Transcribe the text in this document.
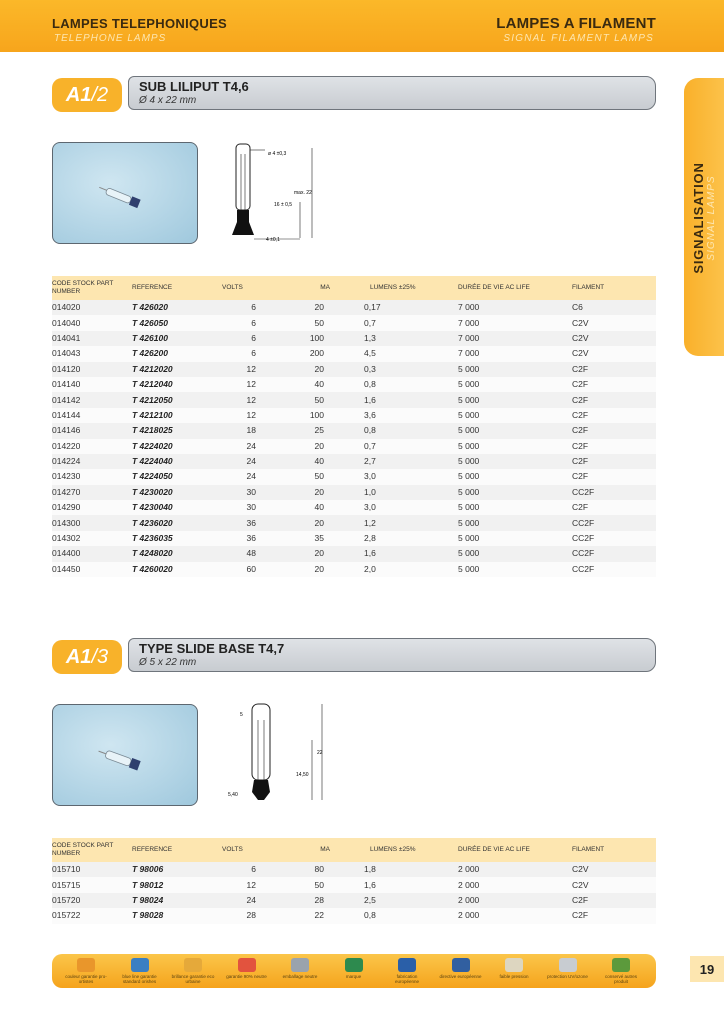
LAMPES TELEPHONIQUES
TELEPHONE LAMPS
LAMPES A FILAMENT
SIGNAL FILAMENT LAMPS
SIGNALISATION SIGNAL LAMPS
A1 /2 SUB LILIPUT T4,6
Ø 4 x 22 mm
ø 4 ±0,3
max. 22
16 ± 0,5
4 ±0,1
CODE STOCK PART NUMBER	REFERENCE	VOLTS	MA	LUMENS ±25%	DURÉE DE VIE AC LIFE	FILAMENT
014020	T 426020	6	20	0,17	7 000	C6
014040	T 426050	6	50	0,7	7 000	C2V
014041	T 426100	6	100	1,3	7 000	C2V
014043	T 426200	6	200	4,5	7 000	C2V
014120	T 4212020	12	20	0,3	5 000	C2F
014140	T 4212040	12	40	0,8	5 000	C2F
014142	T 4212050	12	50	1,6	5 000	C2F
014144	T 4212100	12	100	3,6	5 000	C2F
014146	T 4218025	18	25	0,8	5 000	C2F
014220	T 4224020	24	20	0,7	5 000	C2F
014224	T 4224040	24	40	2,7	5 000	C2F
014230	T 4224050	24	50	3,0	5 000	C2F
014270	T 4230020	30	20	1,0	5 000	CC2F
014290	T 4230040	30	40	3,0	5 000	C2F
014300	T 4236020	36	20	1,2	5 000	CC2F
014302	T 4236035	36	35	2,8	5 000	CC2F
014400	T 4248020	48	20	1,6	5 000	CC2F
014450	T 4260020	60	20	2,0	5 000	CC2F
A1 /3 TYPE SLIDE BASE T4,7
Ø 5 x 22 mm
5
22
14,50
5,40
CODE STOCK PART NUMBER	REFERENCE	VOLTS	MA	LUMENS ±25%	DURÉE DE VIE AC LIFE	FILAMENT
015710	T 98006	6	80	1,8	2 000	C2V
015715	T 98012	12	50	1,6	2 000	C2V
015720	T 98024	24	28	2,5	2 000	C2F
015722	T 98028	28	22	0,8	2 000	C2F
couleur garantie pro-ortistes
blue line garantie standard orishes
brillance garantie eco urbaine
garantie 90% neutre	emballage neutre	marque	fabrication européenne
directive européenne	faible pression	protection UV/ozone	conservé autres produit
19
